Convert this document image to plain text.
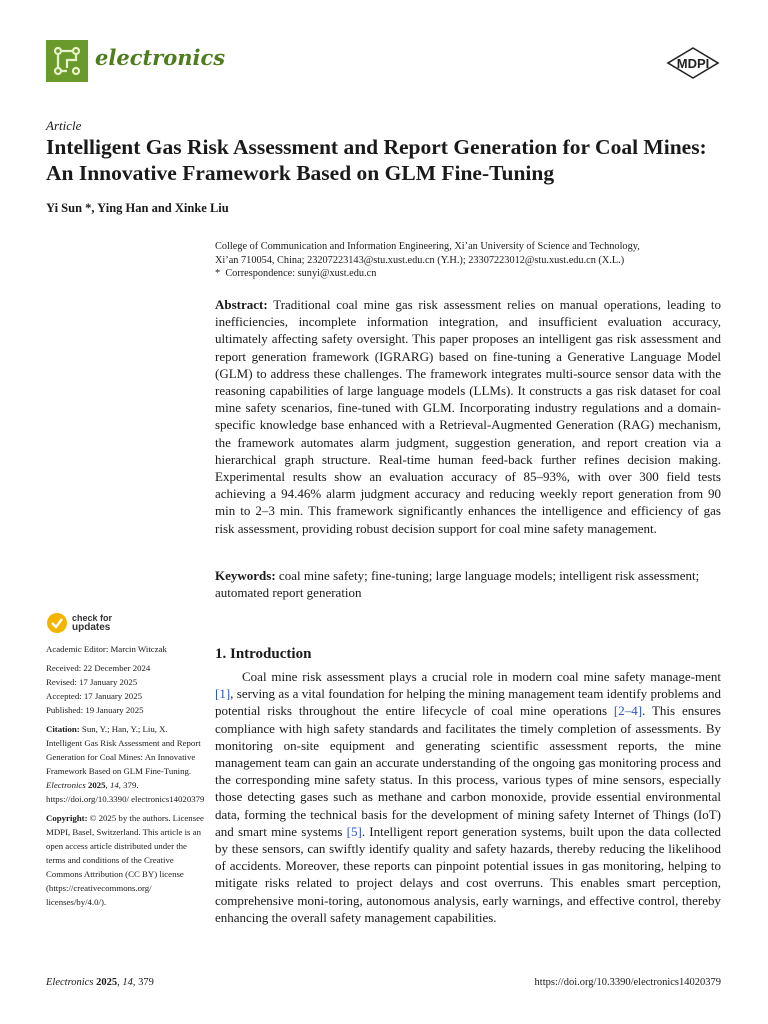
electronics	MDPI
Article
Intelligent Gas Risk Assessment and Report Generation for Coal Mines: An Innovative Framework Based on GLM Fine-Tuning
Yi Sun *, Ying Han and Xinke Liu

College of Communication and Information Engineering, Xi’an University of Science and Technology,

Xi’an 710054, China; 23207223143@stu.xust.edu.cn (Y.H.); 23307223012@stu.xust.edu.cn (X.L.)

* Correspondence: sunyi@xust.edu.cn

Abstract: Traditional coal mine gas risk assessment relies on manual operations, leading to inefficiencies, incomplete information integration, and insufficient evaluation accuracy, ultimately affecting safety oversight. This paper proposes an intelligent gas risk assessment and report generation framework (IGRARG) based on fine-tuning a Generative Language Model (GLM) to address these challenges. The framework integrates multi-source sensor data with the reasoning capabilities of large language models (LLMs). It constructs a gas risk dataset for coal mine safety scenarios, fine-tuned with GLM. Incorporating industry regulations and a domain-specific knowledge base enhanced with a Retrieval-Augmented Generation (RAG) mechanism, the framework automates alarm judgment, suggestion generation, and report creation via a hierarchical graph structure. Real-time human feed-back further refines decision making. Experimental results show an evaluation accuracy of 85–93%, with over 300 field tests achieving a 94.46% alarm judgment accuracy and reducing weekly report generation from 90 min to 2–3 min. This framework significantly enhances the intelligence and efficiency of gas risk assessment, providing robust decision support for coal mine safety management.

Keywords: coal mine safety; fine-tuning; large language models; intelligent risk assessment; automated report generation

check for
updates

Academic Editor: Marcin Witczak

Received: 22 December 2024

Revised: 17 January 2025

Accepted: 17 January 2025

Published: 19 January 2025

Citation: Sun, Y.; Han, Y.; Liu, X. Intelligent Gas Risk Assessment and Report Generation for Coal Mines: An Innovative Framework Based on GLM Fine-Tuning. Electronics 2025, 14, 379. https://doi.org/10.3390/ electronics14020379

Copyright: © 2025 by the authors. Licensee MDPI, Basel, Switzerland. This article is an open access article distributed under the terms and conditions of the Creative Commons Attribution (CC BY) license (https://creativecommons.org/ licenses/by/4.0/).

1. Introduction

Coal mine risk assessment plays a crucial role in modern coal mine safety manage-ment [1], serving as a vital foundation for helping the mining management team identify problems and potential risks throughout the entire lifecycle of coal mine operations [2–4]. This ensures compliance with high safety standards and facilitates the timely completion of assessments. By monitoring on-site equipment and generating scientific assessment reports, the mine management team can gain an accurate understanding of the ongoing gas monitoring process and the corresponding mine safety status. In this process, various types of mine sensors, especially those detecting gases such as methane and carbon monoxide, provide essential environmental data, forming the technical basis for the development of mining safety Internet of Things (IoT) and smart mine systems [5]. Intelligent report generation systems, built upon the data collected by these sensors, can swiftly identify quality and safety hazards, thereby reducing the likelihood of accidents. Moreover, these reports can pinpoint potential issues in gas monitoring, helping to mitigate risks related to project delays and cost overruns. This enables smart perception, comprehensive moni-toring, autonomous analysis, early warnings, and effective control, thereby enhancing the overall safety management capabilities.

Electronics 2025, 14, 379	https://doi.org/10.3390/electronics14020379
